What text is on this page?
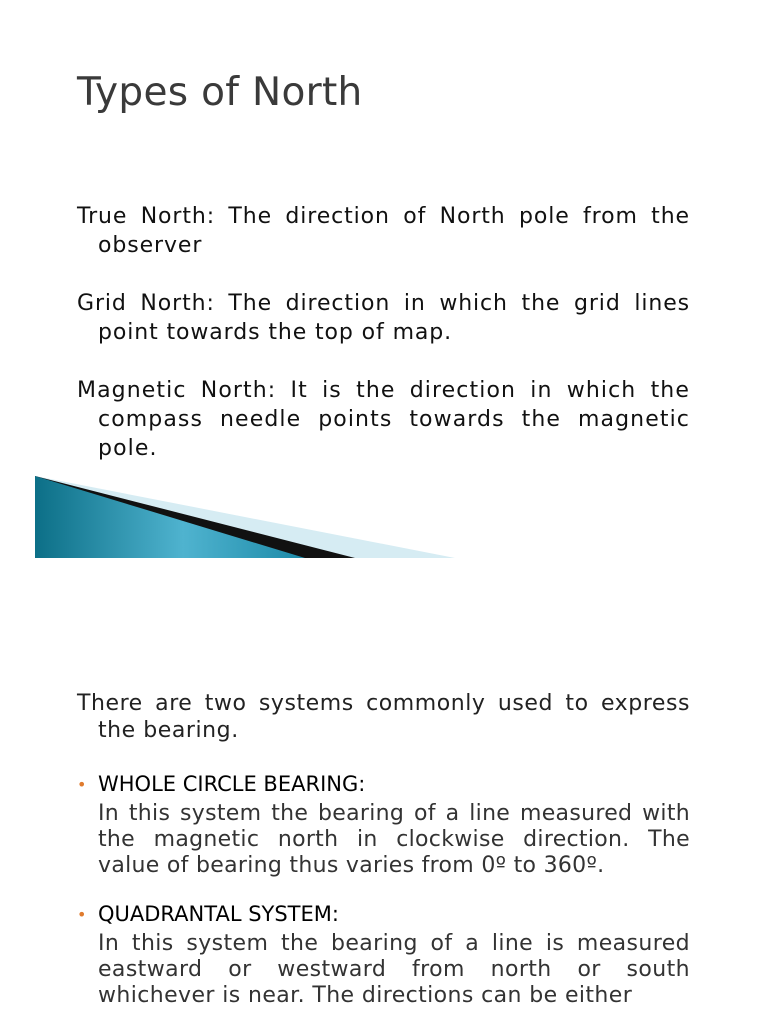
Types of North

True North: The direction of North pole from the observer

Grid North: The direction in which the grid lines point towards the top of map.

Magnetic North: It is the direction in which the compass needle points towards the magnetic pole.

There are two systems commonly used to express the bearing.

• WHOLE CIRCLE BEARING:

In this system the bearing of a line measured with the magnetic north in clockwise direction. The value of bearing thus varies from 0º to 360º.

• QUADRANTAL SYSTEM:

In this system the bearing of a line is measured eastward or westward from north or south whichever is near. The directions can be either
